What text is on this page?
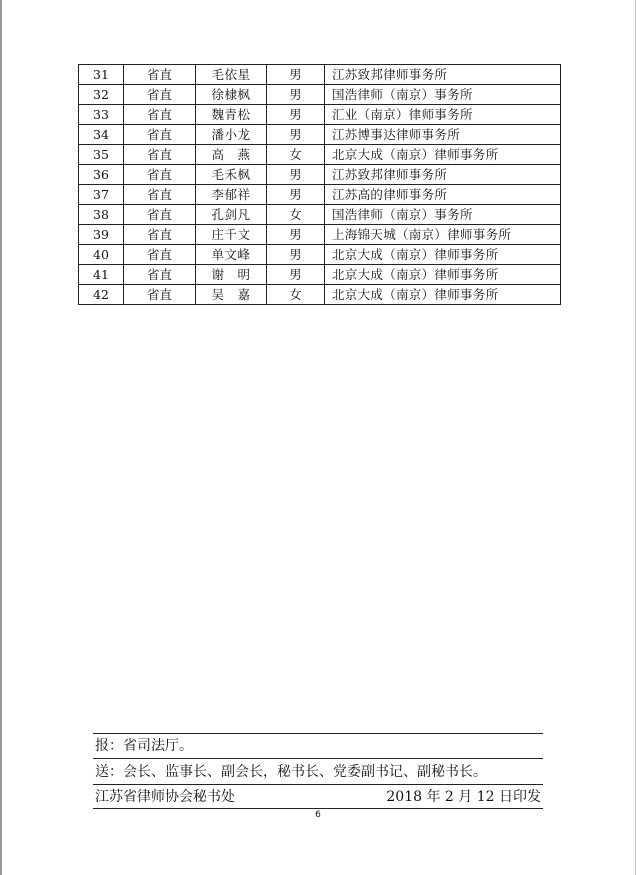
31	省直	毛依星	男	江苏致邦律师事务所
32	省直	徐棣枫	男	国浩律师（南京）事务所
33	省直	魏青松	男	汇业（南京）律师事务所
34	省直	潘小龙	男	江苏博事达律师事务所
35	省直	高　燕	女	北京大成（南京）律师事务所
36	省直	毛禾枫	男	江苏致邦律师事务所
37	省直	李郁祥	男	江苏高的律师事务所
38	省直	孔剑凡	女	国浩律师（南京）事务所
39	省直	庄千文	男	上海锦天城（南京）律师事务所
40	省直	单文峰	男	北京大成（南京）律师事务所
41	省直	谢　明	男	北京大成（南京）律师事务所
42	省直	吴　嘉	女	北京大成（南京）律师事务所
报：省司法厅。
送：会长、监事长、副会长，秘书长、党委副书记、副秘书长。
江苏省律师协会秘书处	2018 年 2 月 12 日印发
6
